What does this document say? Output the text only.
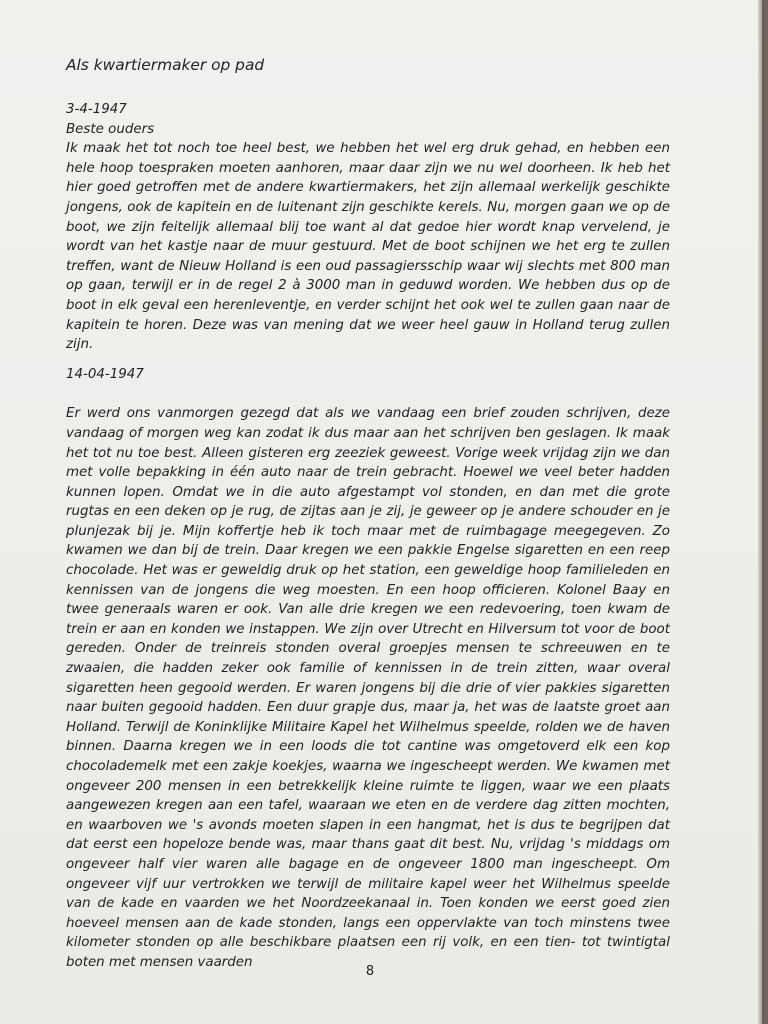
Als kwartiermaker op pad

3-4-1947

Beste ouders

Ik maak het tot noch toe heel best, we hebben het wel erg druk gehad, en hebben een hele hoop toespraken moeten aanhoren, maar daar zijn we nu wel doorheen. Ik heb het hier goed getroffen met de andere kwartiermakers, het zijn allemaal werkelijk geschikte jongens, ook de kapitein en de luitenant zijn geschikte kerels. Nu, morgen gaan we op de boot, we zijn feitelijk allemaal blij toe want al dat gedoe hier wordt knap vervelend, je wordt van het kastje naar de muur gestuurd. Met de boot schijnen we het erg te zullen treffen, want de Nieuw Holland is een oud passagiersschip waar wij slechts met 800 man op gaan, terwijl er in de regel 2 à 3000 man in geduwd worden. We hebben dus op de boot in elk geval een herenleventje, en verder schijnt het ook wel te zullen gaan naar de kapitein te horen. Deze was van mening dat we weer heel gauw in Holland terug zullen zijn.

14-04-1947

Er werd ons vanmorgen gezegd dat als we vandaag een brief zouden schrijven, deze vandaag of morgen weg kan zodat ik dus maar aan het schrijven ben geslagen. Ik maak het tot nu toe best. Alleen gisteren erg zeeziek geweest. Vorige week vrijdag zijn we dan met volle bepakking in één auto naar de trein gebracht. Hoewel we veel beter hadden kunnen lopen. Omdat we in die auto afgestampt vol stonden, en dan met die grote rugtas en een deken op je rug, de zijtas aan je zij, je geweer op je andere schouder en je plunjezak bij je. Mijn koffertje heb ik toch maar met de ruimbagage meegegeven. Zo kwamen we dan bij de trein. Daar kregen we een pakkie Engelse sigaretten en een reep chocolade. Het was er geweldig druk op het station, een geweldige hoop familieleden en kennissen van de jongens die weg moesten. En een hoop officieren. Kolonel Baay en twee generaals waren er ook. Van alle drie kregen we een redevoering, toen kwam de trein er aan en konden we instappen. We zijn over Utrecht en Hilversum tot voor de boot gereden. Onder de treinreis stonden overal groepjes mensen te schreeuwen en te zwaaien, die hadden zeker ook familie of kennissen in de trein zitten, waar overal sigaretten heen gegooid werden. Er waren jongens bij die drie of vier pakkies sigaretten naar buiten gegooid hadden. Een duur grapje dus, maar ja, het was de laatste groet aan Holland. Terwijl de Koninklijke Militaire Kapel het Wilhelmus speelde, rolden we de haven binnen. Daarna kregen we in een loods die tot cantine was omgetoverd elk een kop chocolademelk met een zakje koekjes, waarna we ingescheept werden. We kwamen met ongeveer 200 mensen in een betrekkelijk kleine ruimte te liggen, waar we een plaats aangewezen kregen aan een tafel, waaraan we eten en de verdere dag zitten mochten, en waarboven we 's avonds moeten slapen in een hangmat, het is dus te begrijpen dat dat eerst een hopeloze bende was, maar thans gaat dit best. Nu, vrijdag 's middags om ongeveer half vier waren alle bagage en de ongeveer 1800 man ingescheept. Om ongeveer vijf uur vertrokken we terwijl de militaire kapel weer het Wilhelmus speelde van de kade en vaarden we het Noordzeekanaal in. Toen konden we eerst goed zien hoeveel mensen aan de kade stonden, langs een oppervlakte van toch minstens twee kilometer stonden op alle beschikbare plaatsen een rij volk, en een tien- tot twintigtal boten met mensen vaarden

8
